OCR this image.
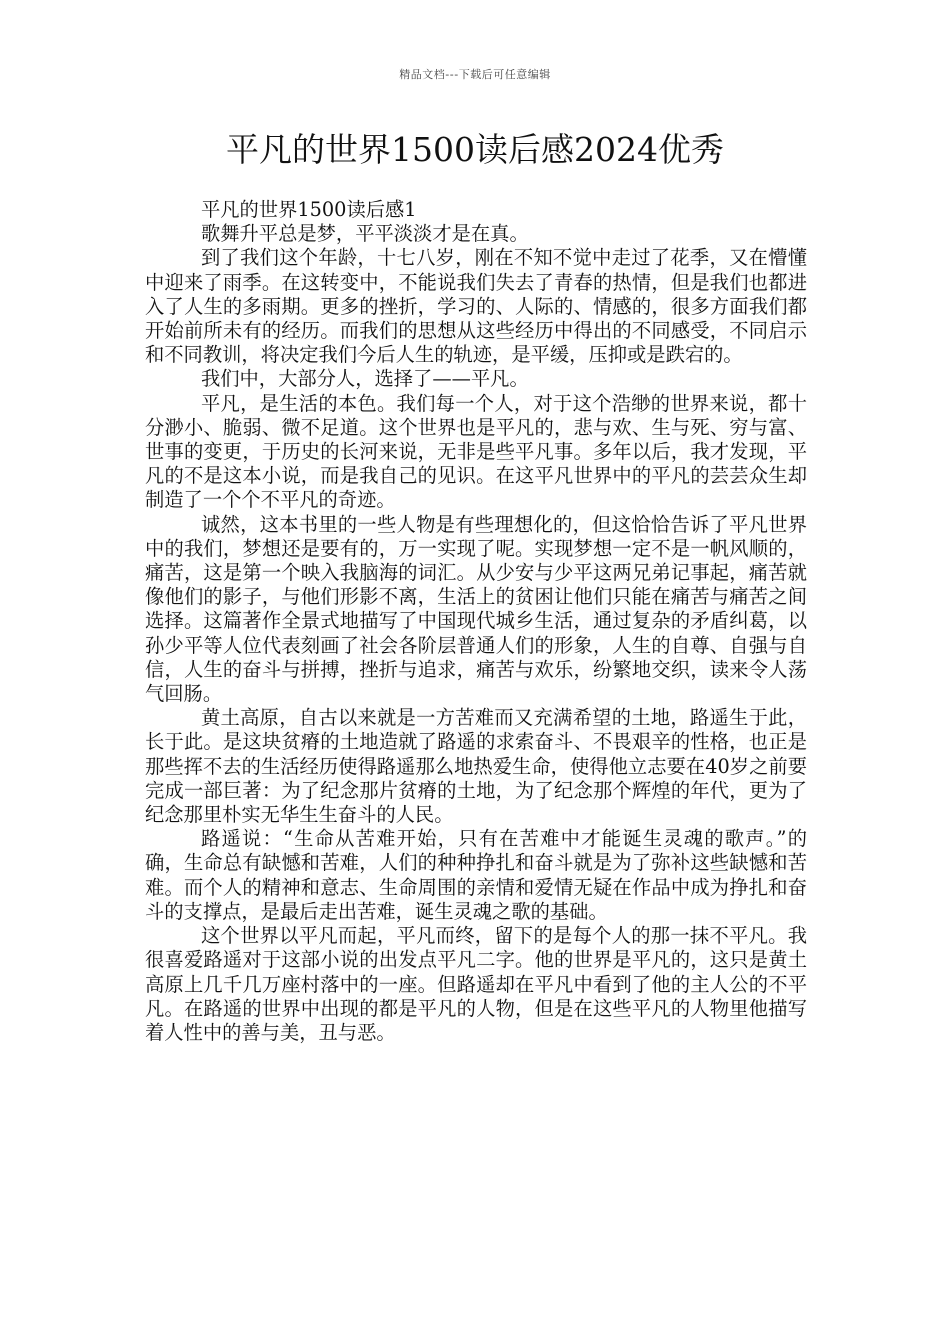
精品文档---下载后可任意编辑
平凡的世界1500读后感2024优秀

平凡的世界1500读后感1

歌舞升平总是梦，平平淡淡才是在真。

到了我们这个年龄，十七八岁，刚在不知不觉中走过了花季，又在懵懂中迎来了雨季。在这转变中，不能说我们失去了青春的热情，但是我们也都进入了人生的多雨期。更多的挫折，学习的、人际的、情感的，很多方面我们都开始前所未有的经历。而我们的思想从这些经历中得出的不同感受，不同启示和不同教训，将决定我们今后人生的轨迹，是平缓，压抑或是跌宕的。

我们中，大部分人，选择了——平凡。

平凡，是生活的本色。我们每一个人，对于这个浩缈的世界来说，都十分渺小、脆弱、微不足道。这个世界也是平凡的，悲与欢、生与死、穷与富、世事的变更，于历史的长河来说，无非是些平凡事。多年以后，我才发现，平凡的不是这本小说，而是我自己的见识。在这平凡世界中的平凡的芸芸众生却制造了一个个不平凡的奇迹。

诚然，这本书里的一些人物是有些理想化的，但这恰恰告诉了平凡世界中的我们，梦想还是要有的，万一实现了呢。实现梦想一定不是一帆风顺的，痛苦，这是第一个映入我脑海的词汇。从少安与少平这两兄弟记事起，痛苦就像他们的影子，与他们形影不离，生活上的贫困让他们只能在痛苦与痛苦之间选择。这篇著作全景式地描写了中国现代城乡生活，通过复杂的矛盾纠葛，以孙少平等人位代表刻画了社会各阶层普通人们的形象，人生的自尊、自强与自信，人生的奋斗与拼搏，挫折与追求，痛苦与欢乐，纷繁地交织，读来令人荡气回肠。

黄土高原，自古以来就是一方苦难而又充满希望的土地，路遥生于此，长于此。是这块贫瘠的土地造就了路遥的求索奋斗、不畏艰辛的性格，也正是那些挥不去的生活经历使得路遥那么地热爱生命，使得他立志要在40岁之前要完成一部巨著：为了纪念那片贫瘠的土地，为了纪念那个辉煌的年代，更为了纪念那里朴实无华生生奋斗的人民。

路遥说：“生命从苦难开始，只有在苦难中才能诞生灵魂的歌声。”的确，生命总有缺憾和苦难，人们的种种挣扎和奋斗就是为了弥补这些缺憾和苦难。而个人的精神和意志、生命周围的亲情和爱情无疑在作品中成为挣扎和奋斗的支撑点，是最后走出苦难，诞生灵魂之歌的基础。

这个世界以平凡而起，平凡而终，留下的是每个人的那一抹不平凡。我很喜爱路遥对于这部小说的出发点平凡二字。他的世界是平凡的，这只是黄土高原上几千几万座村落中的一座。但路遥却在平凡中看到了他的主人公的不平凡。在路遥的世界中出现的都是平凡的人物，但是在这些平凡的人物里他描写着人性中的善与美，丑与恶。
